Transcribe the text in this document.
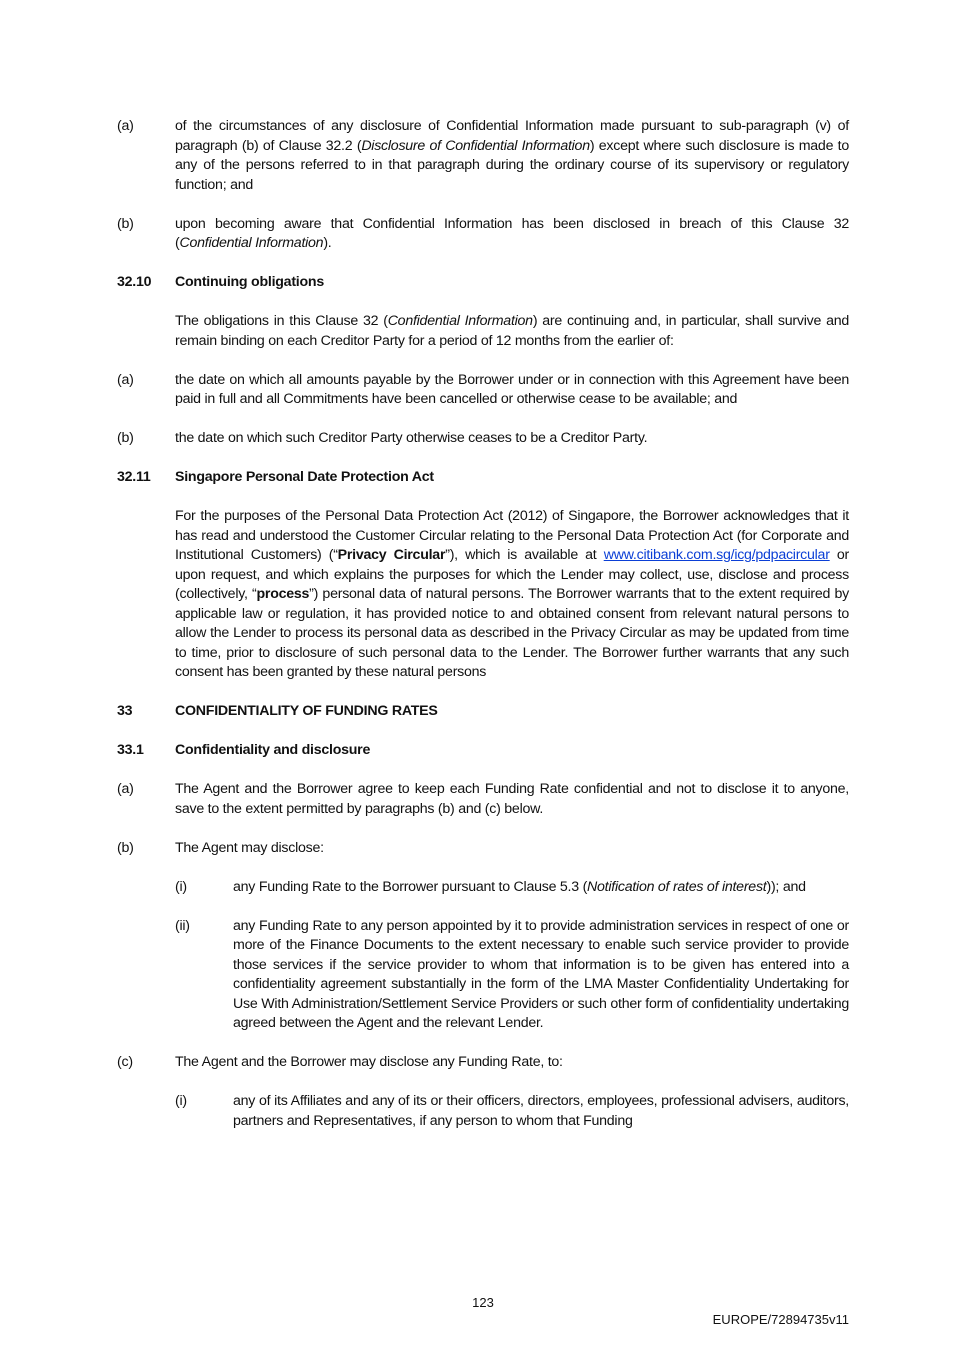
(a)	of the circumstances of any disclosure of Confidential Information made pursuant to sub-paragraph (v) of paragraph (b) of Clause 32.2 (Disclosure of Confidential Information) except where such disclosure is made to any of the persons referred to in that paragraph during the ordinary course of its supervisory or regulatory function; and
(b)	upon becoming aware that Confidential Information has been disclosed in breach of this Clause 32 (Confidential Information).
32.10 Continuing obligations
The obligations in this Clause 32 (Confidential Information) are continuing and, in particular, shall survive and remain binding on each Creditor Party for a period of 12 months from the earlier of:
(a)	the date on which all amounts payable by the Borrower under or in connection with this Agreement have been paid in full and all Commitments have been cancelled or otherwise cease to be available; and
(b)	the date on which such Creditor Party otherwise ceases to be a Creditor Party.
32.11 Singapore Personal Date Protection Act
For the purposes of the Personal Data Protection Act (2012) of Singapore, the Borrower acknowledges that it has read and understood the Customer Circular relating to the Personal Data Protection Act (for Corporate and Institutional Customers) (“Privacy Circular”), which is available at www.citibank.com.sg/icg/pdpacircular or upon request, and which explains the purposes for which the Lender may collect, use, disclose and process (collectively, “process”) personal data of natural persons. The Borrower warrants that to the extent required by applicable law or regulation, it has provided notice to and obtained consent from relevant natural persons to allow the Lender to process its personal data as described in the Privacy Circular as may be updated from time to time, prior to disclosure of such personal data to the Lender. The Borrower further warrants that any such consent has been granted by these natural persons
33	CONFIDENTIALITY OF FUNDING RATES
33.1 Confidentiality and disclosure
(a)	The Agent and the Borrower agree to keep each Funding Rate confidential and not to disclose it to anyone, save to the extent permitted by paragraphs (b) and (c) below.
(b)	The Agent may disclose:
(i)	any Funding Rate to the Borrower pursuant to Clause 5.3 (Notification of rates of interest)); and
(ii)	any Funding Rate to any person appointed by it to provide administration services in respect of one or more of the Finance Documents to the extent necessary to enable such service provider to provide those services if the service provider to whom that information is to be given has entered into a confidentiality agreement substantially in the form of the LMA Master Confidentiality Undertaking for Use With Administration/Settlement Service Providers or such other form of confidentiality undertaking agreed between the Agent and the relevant Lender.
(c)	The Agent and the Borrower may disclose any Funding Rate, to:
(i)	any of its Affiliates and any of its or their officers, directors, employees, professional advisers, auditors, partners and Representatives, if any person to whom that Funding
123
EUROPE/72894735v11
